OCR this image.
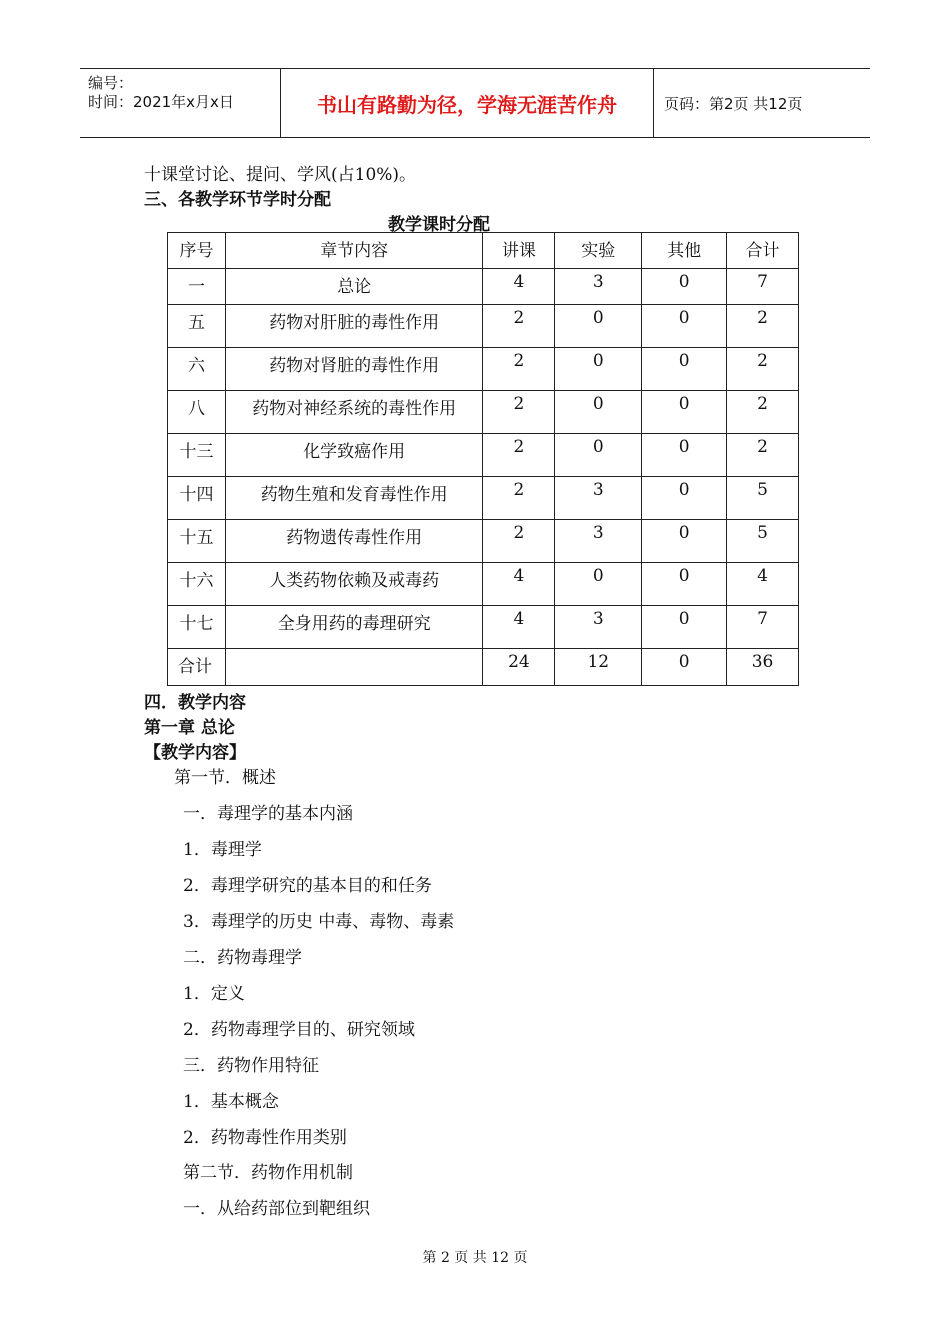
编号：
时间：2021年x月x日	书山有路勤为径，学海无涯苦作舟	页码：第2页 共12页
十课堂讨论、提问、学风(占10%)。
三、各教学环节学时分配
教学课时分配
序号	章节内容	讲课	实验	其他	合计
一	总论	4	3	0	7
五	药物对肝脏的毒性作用	2	0	0	2
六	药物对肾脏的毒性作用	2	0	0	2
八	药物对神经系统的毒性作用	2	0	0	2
十三	化学致癌作用	2	0	0	2
十四	药物生殖和发育毒性作用	2	3	0	5
十五	药物遗传毒性作用	2	3	0	5
十六	人类药物依赖及戒毒药	4	0	0	4
十七	全身用药的毒理研究	4	3	0	7
合计		24	12	0	36
四．教学内容
第一章 总论
【教学内容】
第一节．概述
一．毒理学的基本内涵
1．毒理学
2．毒理学研究的基本目的和任务
3．毒理学的历史 中毒、毒物、毒素
二．药物毒理学
1．定义
2．药物毒理学目的、研究领域
三．药物作用特征
1．基本概念
2．药物毒性作用类别
第二节．药物作用机制
一．从给药部位到靶组织
第 2 页 共 12 页
